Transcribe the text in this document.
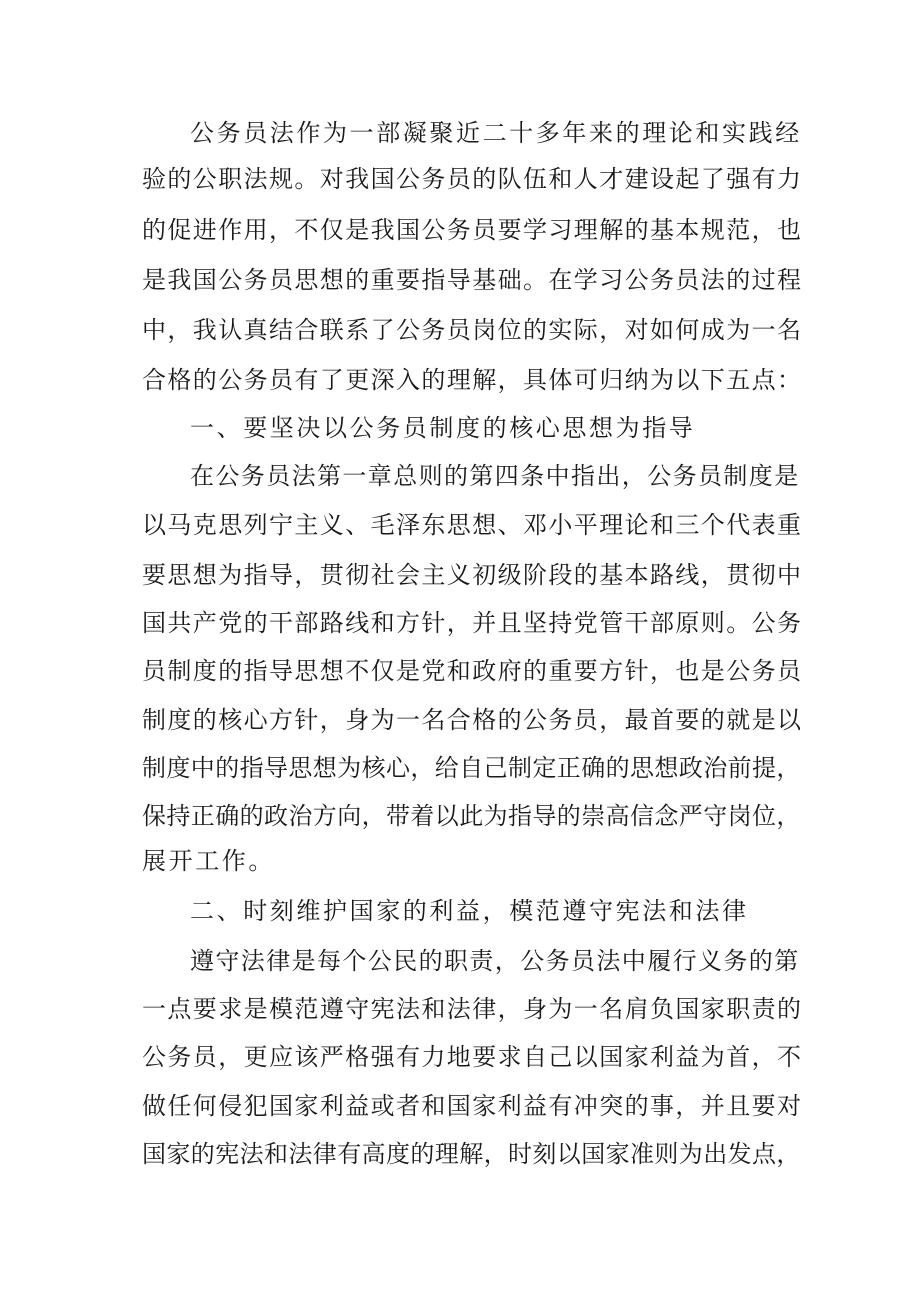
公务员法作为一部凝聚近二十多年来的理论和实践经
验的公职法规。对我国公务员的队伍和人才建设起了强有力
的促进作用，不仅是我国公务员要学习理解的基本规范，也
是我国公务员思想的重要指导基础。在学习公务员法的过程
中，我认真结合联系了公务员岗位的实际，对如何成为一名
合格的公务员有了更深入的理解，具体可归纳为以下五点：
一、要坚决以公务员制度的核心思想为指导
在公务员法第一章总则的第四条中指出，公务员制度是
以马克思列宁主义、毛泽东思想、邓小平理论和三个代表重
要思想为指导，贯彻社会主义初级阶段的基本路线，贯彻中
国共产党的干部路线和方针，并且坚持党管干部原则。公务
员制度的指导思想不仅是党和政府的重要方针，也是公务员
制度的核心方针，身为一名合格的公务员，最首要的就是以
制度中的指导思想为核心，给自己制定正确的思想政治前提，
保持正确的政治方向，带着以此为指导的崇高信念严守岗位，
展开工作。
二、时刻维护国家的利益，模范遵守宪法和法律
遵守法律是每个公民的职责，公务员法中履行义务的第
一点要求是模范遵守宪法和法律，身为一名肩负国家职责的
公务员，更应该严格强有力地要求自己以国家利益为首，不
做任何侵犯国家利益或者和国家利益有冲突的事，并且要对
国家的宪法和法律有高度的理解，时刻以国家准则为出发点，
